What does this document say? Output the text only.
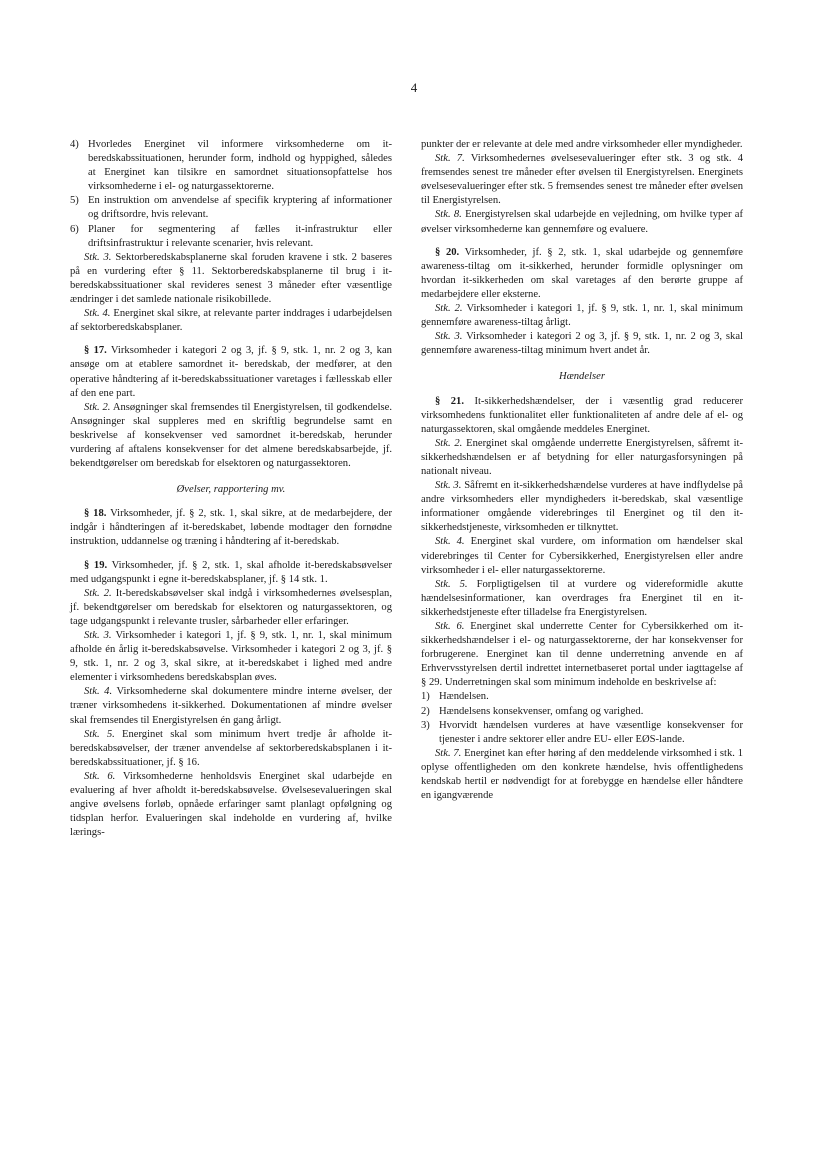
4
4) Hvorledes Energinet vil informere virksomhederne om it-beredskabssituationen, herunder form, indhold og hyppighed, således at Energinet kan tilsikre en samordnet situationsopfattelse hos virksomhederne i el- og naturgassektorerne.
5) En instruktion om anvendelse af specifik kryptering af informationer og driftsordre, hvis relevant.
6) Planer for segmentering af fælles it-infrastruktur eller driftsinfrastruktur i relevante scenarier, hvis relevant.

Stk. 3. Sektorberedskabsplanerne skal foruden kravene i stk. 2 baseres på en vurdering efter § 11. Sektorberedskabsplanerne til brug i it-beredskabssituationer skal revideres senest 3 måneder efter væsentlige ændringer i det samlede nationale risikobillede.

Stk. 4. Energinet skal sikre, at relevante parter inddrages i udarbejdelsen af sektorberedskabsplaner.

§ 17. Virksomheder i kategori 2 og 3, jf. § 9, stk. 1, nr. 2 og 3, kan ansøge om at etablere samordnet it- beredskab, der medfører, at den operative håndtering af it-beredskabssituationer varetages i fællesskab eller af den ene part.

Stk. 2. Ansøgninger skal fremsendes til Energistyrelsen, til godkendelse. Ansøgninger skal suppleres med en skriftlig begrundelse samt en beskrivelse af konsekvenser ved samordnet it-beredskab, herunder vurdering af aftalens konsekvenser for det almene beredskabsarbejde, jf. bekendtgørelser om beredskab for elsektoren og naturgassektoren.

Øvelser, rapportering mv.

§ 18. Virksomheder, jf. § 2, stk. 1, skal sikre, at de medarbejdere, der indgår i håndteringen af it-beredskabet, løbende modtager den fornødne instruktion, uddannelse og træning i håndtering af it-beredskab.

§ 19. Virksomheder, jf. § 2, stk. 1, skal afholde it-beredskabsøvelser med udgangspunkt i egne it-beredskabsplaner, jf. § 14 stk. 1.

Stk. 2. It-beredskabsøvelser skal indgå i virksomhedernes øvelsesplan, jf. bekendtgørelser om beredskab for elsektoren og naturgassektoren, og tage udgangspunkt i relevante trusler, sårbarheder eller erfaringer.

Stk. 3. Virksomheder i kategori 1, jf. § 9, stk. 1, nr. 1, skal minimum afholde én årlig it-beredskabsøvelse. Virksomheder i kategori 2 og 3, jf. § 9, stk. 1, nr. 2 og 3, skal sikre, at it-beredskabet i lighed med andre elementer i virksomhedens beredskabsplan øves.

Stk. 4. Virksomhederne skal dokumentere mindre interne øvelser, der træner virksomhedens it-sikkerhed. Dokumentationen af mindre øvelser skal fremsendes til Energistyrelsen én gang årligt.

Stk. 5. Energinet skal som minimum hvert tredje år afholde it-beredskabsøvelser, der træner anvendelse af sektorberedskabsplanen i it-beredskabssituationer, jf. § 16.

Stk. 6. Virksomhederne henholdsvis Energinet skal udarbejde en evaluering af hver afholdt it-beredskabsøvelse. Øvelsesevalueringen skal angive øvelsens forløb, opnåede erfaringer samt planlagt opfølgning og tidsplan herfor. Evalueringen skal indeholde en vurdering af, hvilke lærings-

punkter der er relevante at dele med andre virksomheder eller myndigheder.

Stk. 7. Virksomhedernes øvelsesevalueringer efter stk. 3 og stk. 4 fremsendes senest tre måneder efter øvelsen til Energistyrelsen. Energinets øvelsesevalueringer efter stk. 5 fremsendes senest tre måneder efter øvelsen til Energistyrelsen.

Stk. 8. Energistyrelsen skal udarbejde en vejledning, om hvilke typer af øvelser virksomhederne kan gennemføre og evaluere.

§ 20. Virksomheder, jf. § 2, stk. 1, skal udarbejde og gennemføre awareness-tiltag om it-sikkerhed, herunder formidle oplysninger om hvordan it-sikkerheden om skal varetages af den berørte gruppe af medarbejdere eller eksterne.

Stk. 2. Virksomheder i kategori 1, jf. § 9, stk. 1, nr. 1, skal minimum gennemføre awareness-tiltag årligt.

Stk. 3. Virksomheder i kategori 2 og 3, jf. § 9, stk. 1, nr. 2 og 3, skal gennemføre awareness-tiltag minimum hvert andet år.

Hændelser

§ 21. It-sikkerhedshændelser, der i væsentlig grad reducerer virksomhedens funktionalitet eller funktionaliteten af andre dele af el- og naturgassektoren, skal omgående meddeles Energinet.

Stk. 2. Energinet skal omgående underrette Energistyrelsen, såfremt it-sikkerhedshændelsen er af betydning for eller naturgasforsyningen på nationalt niveau.

Stk. 3. Såfremt en it-sikkerhedshændelse vurderes at have indflydelse på andre virksomheders eller myndigheders it-beredskab, skal væsentlige informationer omgående viderebringes til Energinet og til den it-sikkerhedstjeneste, virksomheden er tilknyttet.

Stk. 4. Energinet skal vurdere, om information om hændelser skal viderebringes til Center for Cybersikkerhed, Energistyrelsen eller andre virksomheder i el- eller naturgassektorerne.

Stk. 5. Forpligtigelsen til at vurdere og videreformidle akutte hændelsesinformationer, kan overdrages fra Energinet til en it-sikkerhedstjeneste efter tilladelse fra Energistyrelsen.

Stk. 6. Energinet skal underrette Center for Cybersikkerhed om it-sikkerhedshændelser i el- og naturgassektorerne, der har konsekvenser for forbrugerene. Energinet kan til denne underretning anvende en af Erhvervsstyrelsen dertil indrettet internetbaseret portal under iagttagelse af § 29. Underretningen skal som minimum indeholde en beskrivelse af:

1) Hændelsen.
2) Hændelsens konsekvenser, omfang og varighed.
3) Hvorvidt hændelsen vurderes at have væsentlige konsekvenser for tjenester i andre sektorer eller andre EU- eller EØS-lande.

Stk. 7. Energinet kan efter høring af den meddelende virksomhed i stk. 1 oplyse offentligheden om den konkrete hændelse, hvis offentlighedens kendskab hertil er nødvendigt for at forebygge en hændelse eller håndtere en igangværende
